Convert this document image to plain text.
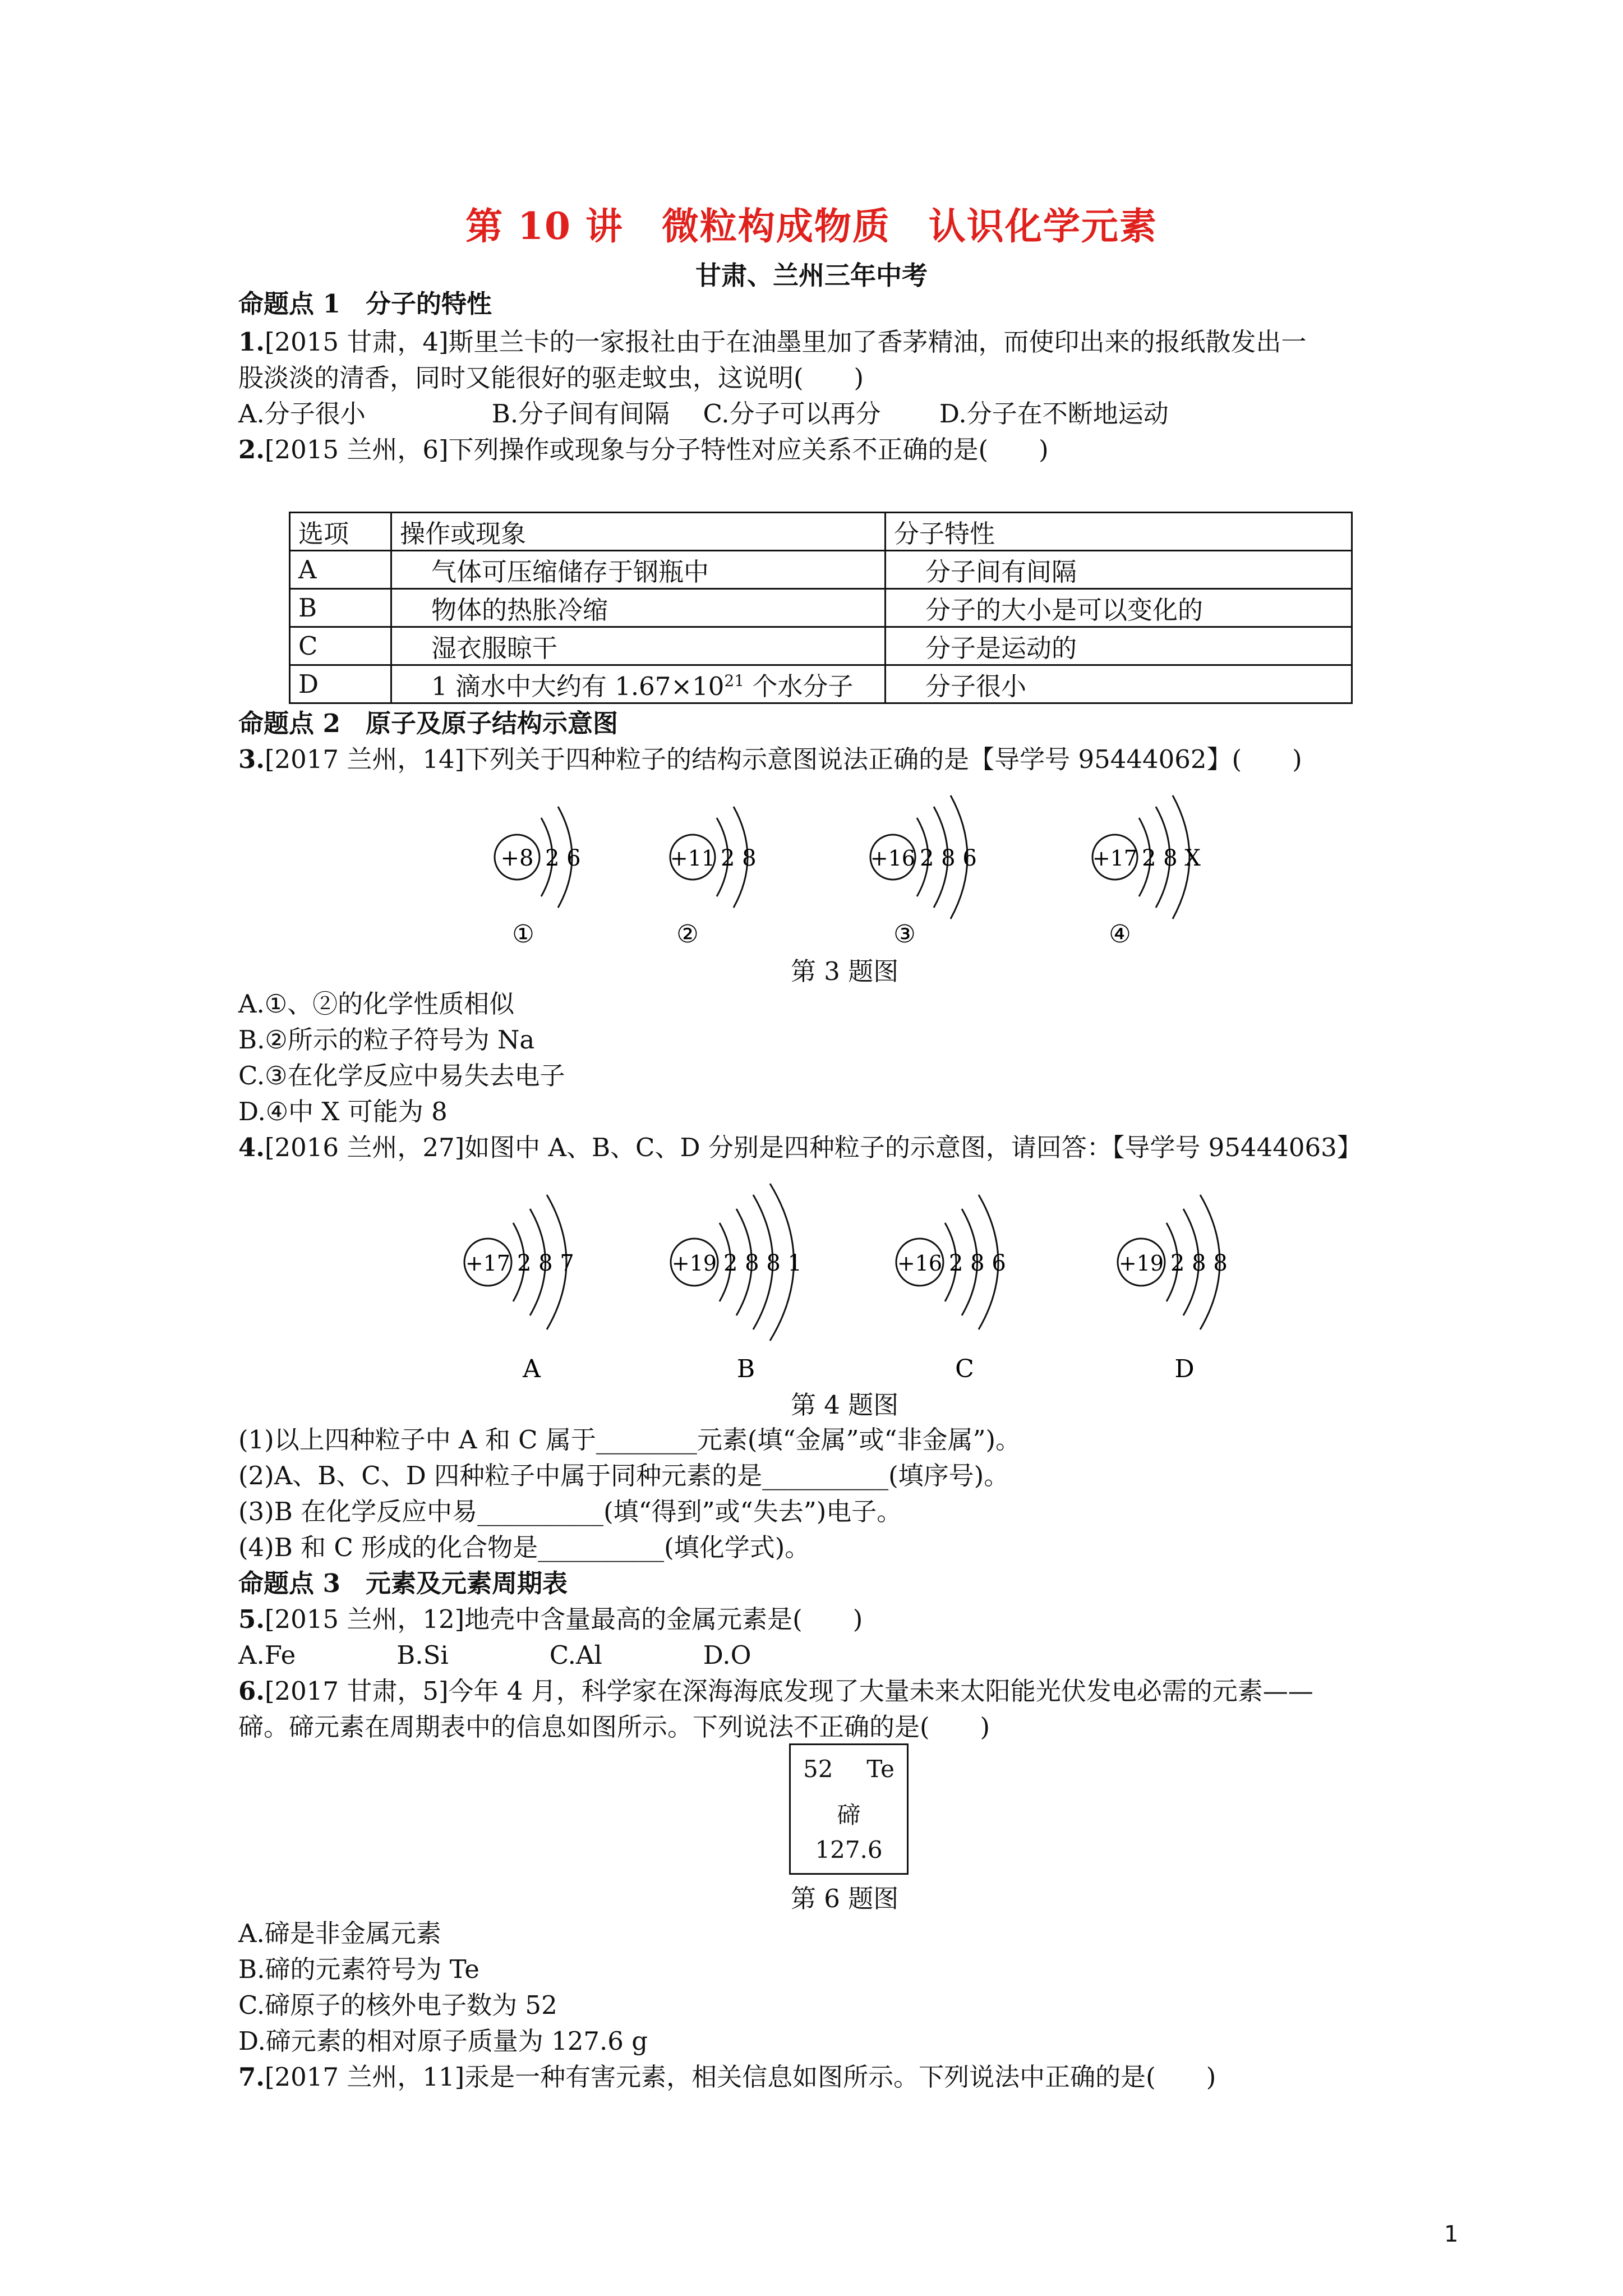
第 10 讲　微粒构成物质　认识化学元素
甘肃、兰州三年中考
命题点 1　分子的特性
1.[2015 甘肃，4]斯里兰卡的一家报社由于在油墨里加了香茅精油，而使印出来的报纸散发出一
股淡淡的清香，同时又能很好的驱走蚊虫，这说明(　　)
A.分子很小　　　　　B.分子间有间隔　 C.分子可以再分　　 D.分子在不断地运动
2.[2015 兰州，6]下列操作或现象与分子特性对应关系不正确的是(　　)
选项	操作或现象	分子特性
A	气体可压缩储存于钢瓶中	分子间有间隔
B	物体的热胀冷缩	分子的大小是可以变化的
C	湿衣服晾干	分子是运动的
D	1 滴水中大约有 $1.67\times 10^{21}$ 个水分子	分子很小
命题点 2　原子及原子结构示意图
3.[2017 兰州，14]下列关于四种粒子的结构示意图说法正确的是【导学号 95444062】(　　)
+8 2 6
①
+11 2 8
②
+16 2 8 6
③
+17 2 8 X
④
第 3 题图
A.①、②的化学性质相似
B.②所示的粒子符号为 Na
C.③在化学反应中易失去电子
D.④中 X 可能为 8
4.[2016 兰州，27]如图中 A、B、C、D 分别是四种粒子的示意图，请回答：【导学号 95444063】
+17 2 8 7
A
+19 2 8 8 1
B
+16 2 8 6
C
+19 2 8 8
D
第 4 题图
(1)以上四种粒子中 A 和 C 属于________元素(填“金属”或“非金属”)。
(2)A、B、C、D 四种粒子中属于同种元素的是__________(填序号)。
(3)B 在化学反应中易__________(填“得到”或“失去”)电子。
(4)B 和 C 形成的化合物是__________(填化学式)。
命题点 3　元素及元素周期表
5.[2015 兰州，12]地壳中含量最高的金属元素是(　　)
A.Fe　　　　B.Si　　　　C.Al　　　　D.O
6.[2017 甘肃，5]今年 4 月，科学家在深海海底发现了大量未来太阳能光伏发电必需的元素——
碲。碲元素在周期表中的信息如图所示。下列说法不正确的是(　　)
52 Te
碲
127.6
第 6 题图
A.碲是非金属元素
B.碲的元素符号为 Te
C.碲原子的核外电子数为 52
D.碲元素的相对原子质量为 127.6 g
7.[2017 兰州，11]汞是一种有害元素，相关信息如图所示。下列说法中正确的是(　　)
1
